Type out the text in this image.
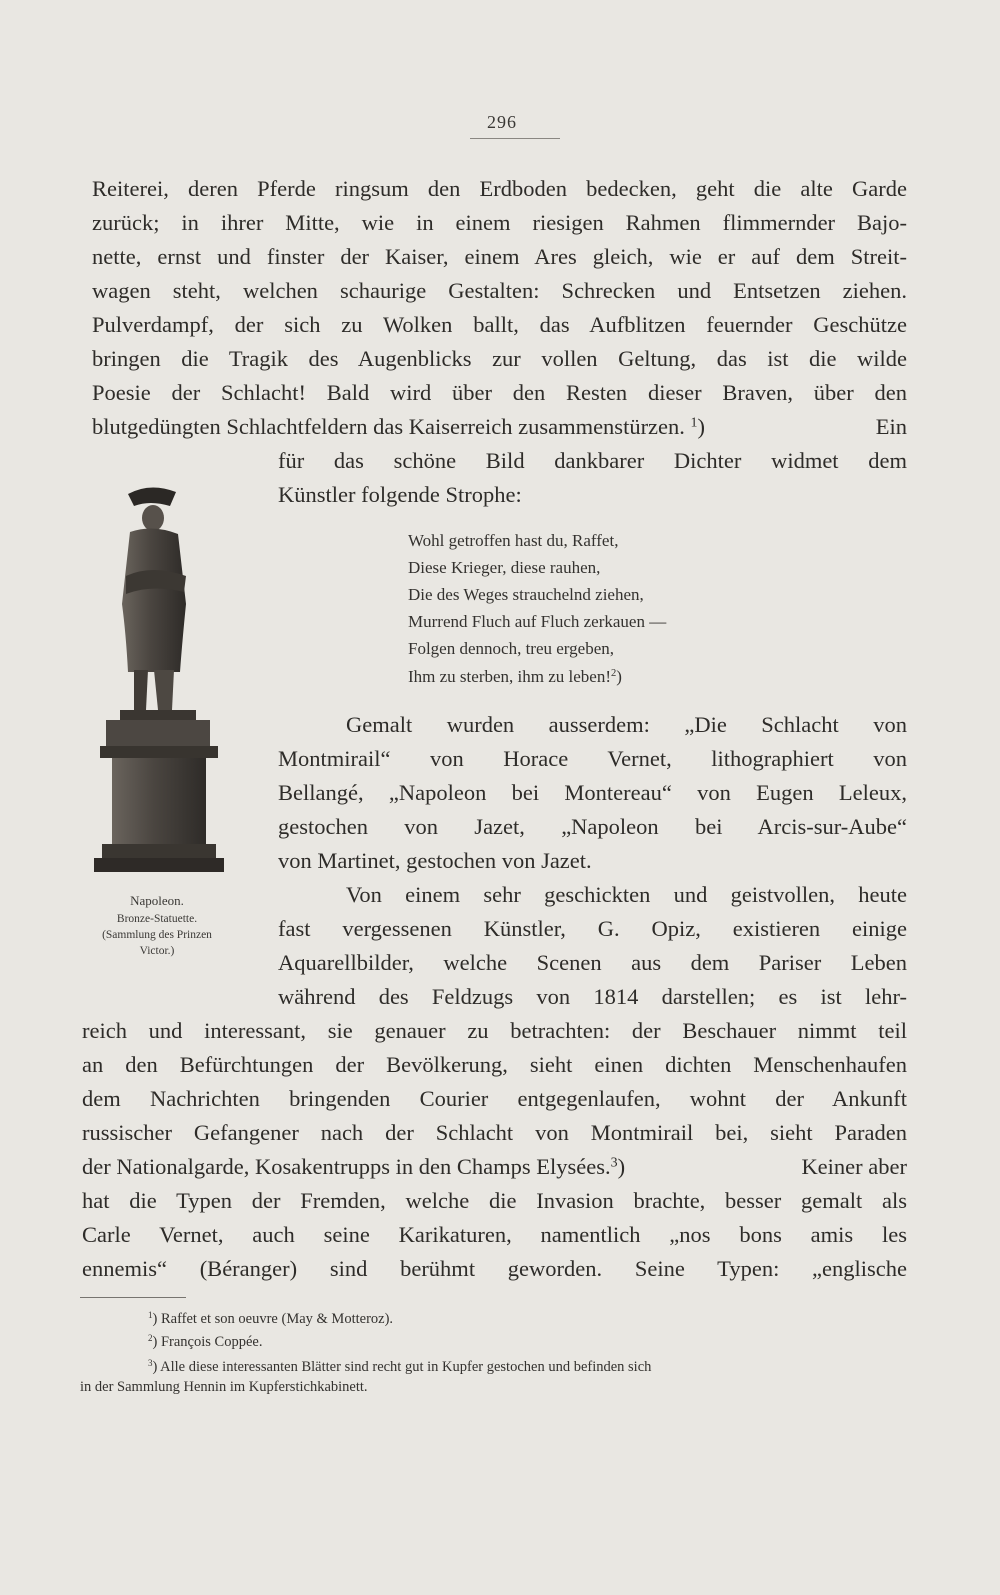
296
Reiterei, deren Pferde ringsum den Erdboden bedecken, geht die alte Garde
zurück; in ihrer Mitte, wie in einem riesigen Rahmen flimmernder Bajo-
nette, ernst und finster der Kaiser, einem Ares gleich, wie er auf dem Streit-
wagen steht, welchen schaurige Gestalten: Schrecken und Entsetzen ziehen.
Pulverdampf, der sich zu Wolken ballt, das Aufblitzen feuernder Geschütze
bringen die Tragik des Augenblicks zur vollen Geltung, das ist die wilde
Poesie der Schlacht! Bald wird über den Resten dieser Braven, über den
blutgedüngten Schlachtfeldern das Kaiserreich zusammenstürzen. $^1$)	Ein
für das schöne Bild dankbarer Dichter widmet dem
Künstler folgende Strophe:
Wohl getroffen hast du, Raffet,
Diese Krieger, diese rauhen,
Die des Weges strauchelnd ziehen,
Murrend Fluch auf Fluch zerkauen —
Folgen dennoch, treu ergeben,
Ihm zu sterben, ihm zu leben!$^2$)
Gemalt wurden ausserdem: „Die Schlacht von
Montmirail“ von Horace Vernet, lithographiert von
Bellangé, „Napoleon bei Montereau“ von Eugen Leleux,
gestochen von Jazet, „Napoleon bei Arcis-sur-Aube“
von Martinet, gestochen von Jazet.
Von einem sehr geschickten und geistvollen, heute
fast vergessenen Künstler, G. Opiz, existieren einige
Aquarellbilder, welche Scenen aus dem Pariser Leben
während des Feldzugs von 1814 darstellen; es ist lehr-
reich und interessant, sie genauer zu betrachten: der Beschauer nimmt teil
an den Befürchtungen der Bevölkerung, sieht einen dichten Menschenhaufen
dem Nachrichten bringenden Courier entgegenlaufen, wohnt der Ankunft
russischer Gefangener nach der Schlacht von Montmirail bei, sieht Paraden
der Nationalgarde, Kosakentrupps in den Champs Elysées.$^3$)	Keiner aber
hat die Typen der Fremden, welche die Invasion brachte, besser gemalt als
Carle Vernet, auch seine Karikaturen, namentlich „nos bons amis les
ennemis“ (Béranger) sind berühmt geworden. Seine Typen: „englische
Napoleon.
Bronze-Statuette.
(Sammlung des Prinzen
Victor.)
$^1$) Raffet et son oeuvre (May & Motteroz).
$^2$) François Coppée.
$^3$) Alle diese interessanten Blätter sind recht gut in Kupfer gestochen und befinden sich
in der Sammlung Hennin im Kupferstichkabinett.
